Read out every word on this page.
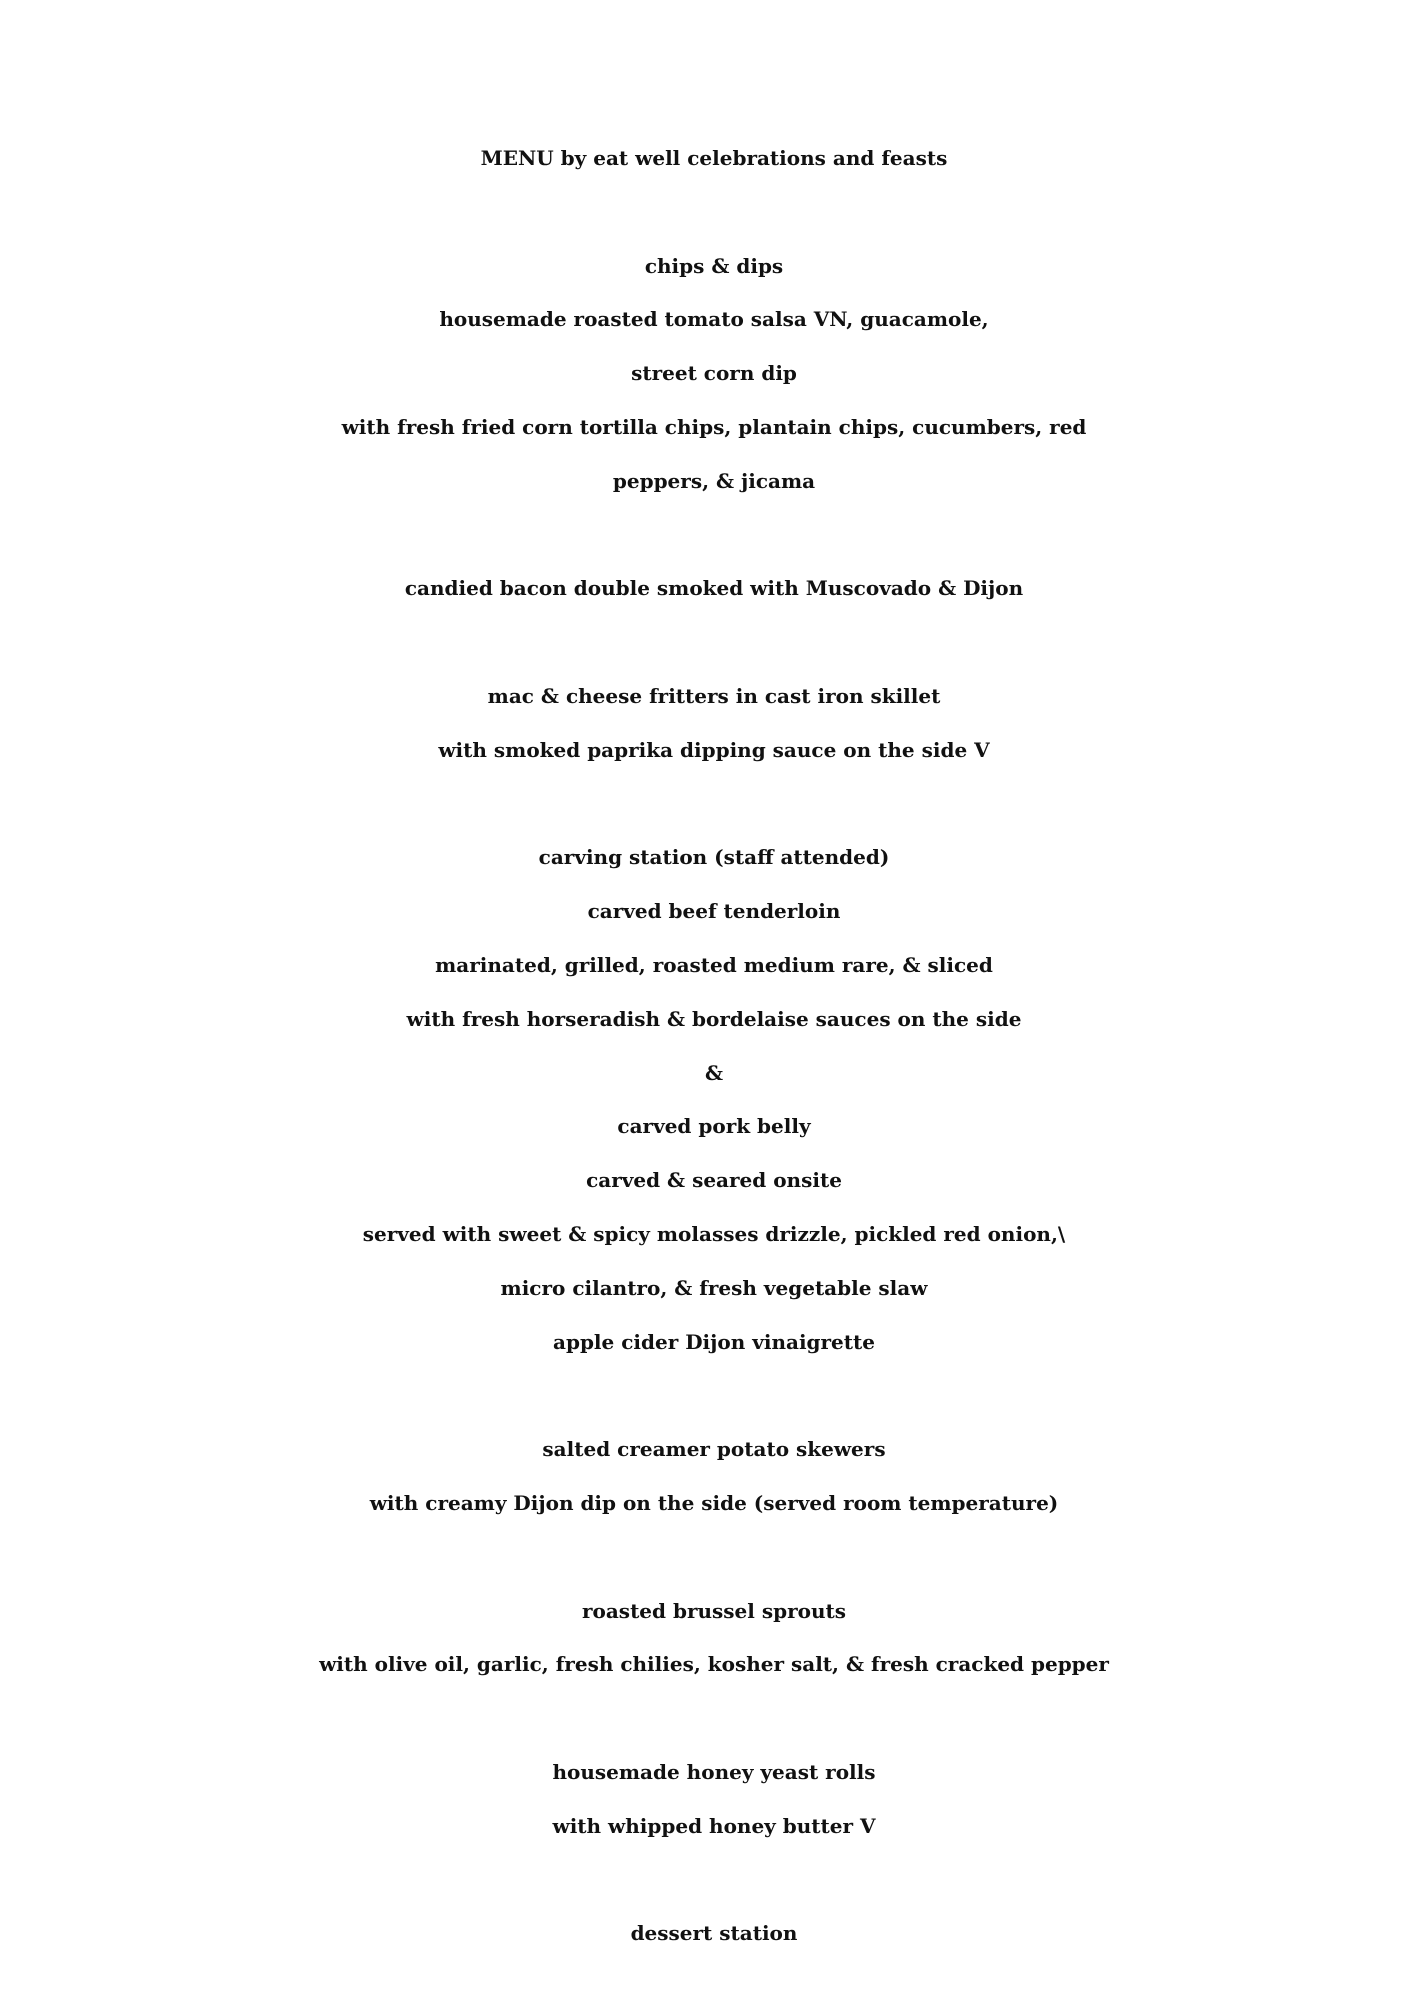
MENU by eat well celebrations and feasts
chips & dips
housemade roasted tomato salsa VN, guacamole,
street corn dip
with fresh fried corn tortilla chips, plantain chips, cucumbers, red
peppers, & jicama
candied bacon double smoked with Muscovado & Dijon
mac & cheese fritters in cast iron skillet
with smoked paprika dipping sauce on the side V
carving station (staff attended)
carved beef tenderloin
marinated, grilled, roasted medium rare, & sliced
with fresh horseradish & bordelaise sauces on the side
&
carved pork belly
carved & seared onsite
served with sweet & spicy molasses drizzle, pickled red onion,\
micro cilantro, & fresh vegetable slaw
apple cider Dijon vinaigrette
salted creamer potato skewers
with creamy Dijon dip on the side (served room temperature)
roasted brussel sprouts
with olive oil, garlic, fresh chilies, kosher salt, & fresh cracked pepper
housemade honey yeast rolls
with whipped honey butter V
dessert station
